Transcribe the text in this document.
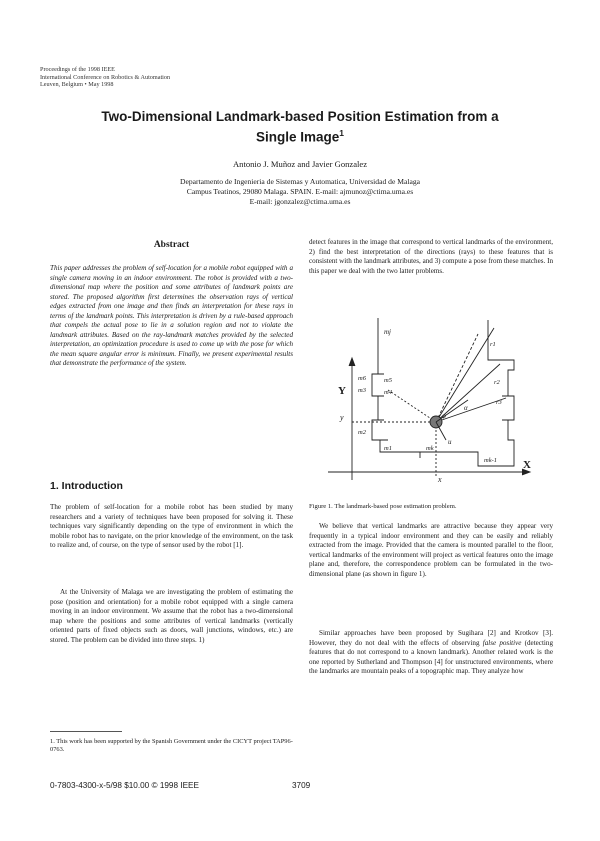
Proceedings of the 1998 IEEE
International Conference on Robotics & Automation
Leuven, Belgium • May 1998
Two-Dimensional Landmark-based Position Estimation from a Single Image$^1$
Antonio J. Muñoz and Javier Gonzalez
Departamento de Ingenieria de Sistemas y Automatica, Universidad de Malaga
Campus Teatinos, 29080 Malaga. SPAIN. E-mail: ajmunoz@ctima.uma.es
E-mail: jgonzalez@ctima.uma.es
Abstract
This paper addresses the problem of self-location for a mobile robot equipped with a single camera moving in an indoor environment. The robot is provided with a two-dimensional map where the position and some attributes of landmark points are stored. The proposed algorithm first determines the observation rays of vertical edges extracted from one image and then finds an interpretation for these rays in terms of the landmark points. This interpretation is driven by a rule-based approach that compels the actual pose to lie in a solution region and not to violate the landmark attributes. Based on the ray-landmark matches provided by the selected interpretation, an optimization procedure is used to come up with the pose for which the mean square angular error is minimum. Finally, we present experimental results that demonstrate the performance of the system.
1. Introduction
The problem of self-location for a mobile robot has been studied by many researchers and a variety of techniques have been proposed for solving it. These techniques vary significantly depending on the type of environment in which the mobile robot has to navigate, on the prior knowledge of the environment, on the task to realize and, of course, on the type of sensor used by the robot [1].
At the University of Malaga we are investigating the problem of estimating the pose (position and orientation) for a mobile robot equipped with a single camera moving in an indoor environment. We assume that the robot has a two-dimensional map where the positions and some attributes of vertical landmarks (vertically oriented parts of fixed objects such as doors, wall junctions, windows, etc.) are stored. The problem can be divided into three steps. 1)
1. This work has been supported by the Spanish Government under the CICYT project TAP96-0763.
0-7803-4300-x-5/98 $10.00 © 1998 IEEE	3709
detect features in the image that correspond to vertical landmarks of the environment, 2) find the best interpretation of the directions (rays) to these features that is consistent with the landmark attributes, and 3) compute a pose from these matches. In this paper we deal with the two latter problems.
Y
X
y
x
mj
m6
m3
m5
m4
m2
m1	mk
mk-1
r1
r2
r3
α
φ
u
Figure 1. The landmark-based pose estimation problem.
We believe that vertical landmarks are attractive because they appear very frequently in a typical indoor environment and they can be easily and reliably extracted from the image. Provided that the camera is mounted parallel to the floor, vertical landmarks of the environment will project as vertical features onto the image plane and, therefore, the correspondence problem can be formulated in the two-dimensional plane (as shown in figure 1).
Similar approaches have been proposed by Sugihara [2] and Krotkov [3]. However, they do not deal with the effects of observing false positive (detecting features that do not correspond to a known landmark). Another related work is the one reported by Sutherland and Thompson [4] for unstructured environments, where the landmarks are mountain peaks of a topographic map. They analyze how
